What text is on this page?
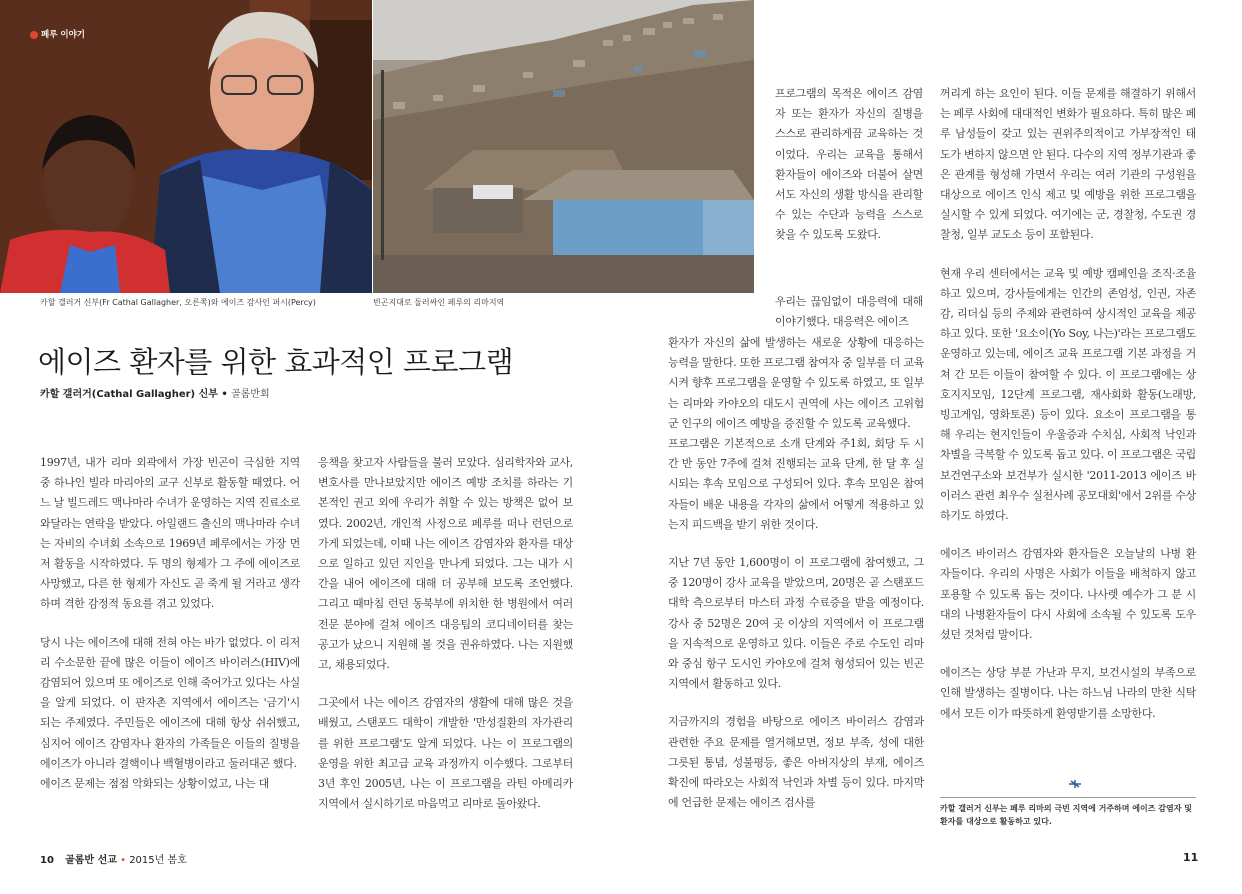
페루 이야기
카할 갤러거 신부(Fr Cathal Gallagher, 오른쪽)와 에이즈 감사인 퍼시(Percy)	빈곤지대로 둘러싸인 페루의 리마지역
에이즈 환자를 위한 효과적인 프로그램
카할 갤러거(Cathal Gallagher) 신부 • 골롬반회

1997년, 내가 리마 외곽에서 가장 빈곤이 극심한 지역 중 하나인 빌라 마리아의 교구 신부로 활동할 때였다. 어느 날 빌드레드 맥나마라 수녀가 운영하는 지역 진료소로 와달라는 연락을 받았다. 아일랜드 출신의 맥나마라 수녀는 자비의 수녀회 소속으로 1969년 페루에서는 가장 먼저 활동을 시작하였다. 두 명의 형제가 그 주에 에이즈로 사망했고, 다른 한 형제가 자신도 곧 죽게 될 거라고 생각하며 격한 감정적 동요를 겪고 있었다.

당시 나는 에이즈에 대해 전혀 아는 바가 없었다. 이 리저리 수소문한 끝에 많은 이들이 에이즈 바이러스(HIV)에 감염되어 있으며 또 에이즈로 인해 죽어가고 있다는 사실을 알게 되었다. 이 판자촌 지역에서 에이즈는 '금기'시 되는 주제였다. 주민들은 에이즈에 대해 항상 쉬쉬했고, 심지어 에이즈 감염자나 환자의 가족들은 이들의 질병을 에이즈가 아니라 결핵이나 백혈병이라고 둘러대곤 했다.

에이즈 문제는 점점 악화되는 상황이었고, 나는 대

응책을 찾고자 사람들을 불러 모았다. 심리학자와 교사, 변호사를 만나보았지만 에이즈 예방 조치를 하라는 기본적인 권고 외에 우리가 취할 수 있는 방책은 없어 보였다. 2002년, 개인적 사정으로 페루를 떠나 런던으로 가게 되었는데, 이때 나는 에이즈 감염자와 환자를 대상으로 일하고 있던 지인을 만나게 되었다. 그는 내가 시간을 내어 에이즈에 대해 더 공부해 보도록 조언했다. 그리고 때마침 런던 동북부에 위치한 한 병원에서 여러 전문 분야에 걸쳐 에이즈 대응팀의 코디네이터를 찾는 공고가 났으니 지원해 볼 것을 권유하였다. 나는 지원했고, 채용되었다.

그곳에서 나는 에이즈 감염자의 생활에 대해 많은 것을 배웠고, 스탠포드 대학이 개발한 '만성질환의 자가관리를 위한 프로그램'도 알게 되었다. 나는 이 프로그램의 운영을 위한 최고급 교육 과정까지 이수했다. 그로부터 3년 후인 2005년, 나는 이 프로그램을 라틴 아메리카 지역에서 실시하기로 마음먹고 리마로 돌아왔다.

프로그램의 목적은 에이즈 감염자 또는 환자가 자신의 질병을 스스로 관리하게끔 교육하는 것이었다. 우리는 교육을 통해서 환자들이 에이즈와 더불어 살면서도 자신의 생활 방식을 관리할 수 있는 수단과 능력을 스스로 찾을 수 있도록 도왔다.

우리는 끊임없이 대응력에 대해 이야기했다. 대응력은 에이즈

환자가 자신의 삶에 발생하는 새로운 상황에 대응하는 능력을 말한다. 또한 프로그램 참여자 중 일부를 더 교육시켜 향후 프로그램을 운영할 수 있도록 하였고, 또 일부는 리마와 카야오의 대도시 권역에 사는 에이즈 고위험군 인구의 에이즈 예방을 증진할 수 있도록 교육했다.

프로그램은 기본적으로 소개 단계와 주1회, 회당 두 시간 반 동안 7주에 걸쳐 진행되는 교육 단계, 한 달 후 실시되는 후속 모임으로 구성되어 있다. 후속 모임은 참여자들이 배운 내용을 각자의 삶에서 어떻게 적용하고 있는지 피드백을 받기 위한 것이다.

지난 7년 동안 1,600명이 이 프로그램에 참여했고, 그 중 120명이 강사 교육을 받았으며, 20명은 곧 스탠포드 대학 측으로부터 마스터 과정 수료증을 받을 예정이다. 강사 중 52명은 20여 곳 이상의 지역에서 이 프로그램을 지속적으로 운영하고 있다. 이들은 주로 수도인 리마와 중심 항구 도시인 카야오에 걸쳐 형성되어 있는 빈곤 지역에서 활동하고 있다.

지금까지의 경험을 바탕으로 에이즈 바이러스 감염과 관련한 주요 문제를 열거해보면, 정보 부족, 성에 대한 그릇된 통념, 성불평등, 좋은 아버지상의 부재, 에이즈 확진에 따라오는 사회적 낙인과 차별 등이 있다. 마지막에 언급한 문제는 에이즈 검사를

꺼리게 하는 요인이 된다. 이들 문제를 해결하기 위해서는 페루 사회에 대대적인 변화가 필요하다. 특히 많은 페루 남성들이 갖고 있는 권위주의적이고 가부장적인 태도가 변하지 않으면 안 된다. 다수의 지역 정부기관과 좋은 관계를 형성해 가면서 우리는 여러 기관의 구성원을 대상으로 에이즈 인식 제고 및 예방을 위한 프로그램을 실시할 수 있게 되었다. 여기에는 군, 경찰청, 수도권 경찰청, 일부 교도소 등이 포함된다.

현재 우리 센터에서는 교육 및 예방 캠페인을 조직·조율하고 있으며, 강사들에게는 인간의 존엄성, 인권, 자존감, 리더십 등의 주제와 관련하여 상시적인 교육을 제공하고 있다. 또한 '요소이(Yo Soy, 나는)'라는 프로그램도 운영하고 있는데, 에이즈 교육 프로그램 기본 과정을 거쳐 간 모든 이들이 참여할 수 있다. 이 프로그램에는 상호지지모임, 12단계 프로그램, 재사회화 활동(노래방, 빙고게임, 영화토론) 등이 있다. 요소이 프로그램을 통해 우리는 현지인들이 우울증과 수치심, 사회적 낙인과 차별을 극복할 수 있도록 돕고 있다. 이 프로그램은 국립보건연구소와 보건부가 실시한 '2011-2013 에이즈 바이러스 관련 최우수 실천사례 공모대회'에서 2위를 수상하기도 하였다.

에이즈 바이러스 감염자와 환자들은 오늘날의 나병 환자들이다. 우리의 사명은 사회가 이들을 배척하지 않고 포용할 수 있도록 돕는 것이다. 나사렛 예수가 그 분 시대의 나병환자들이 다시 사회에 소속될 수 있도록 도우셨던 것처럼 말이다.

에이즈는 상당 부분 가난과 무지, 보건시설의 부족으로 인해 발생하는 질병이다. 나는 하느님 나라의 만찬 식탁에서 모든 이가 따뜻하게 환영받기를 소망한다.

카할 갤러거 신부는 페루 리마의 극빈 지역에 거주하며 에이즈 감염자 및 환자를 대상으로 활동하고 있다.
10 골롬반 선교 • 2015년 봄호	11
